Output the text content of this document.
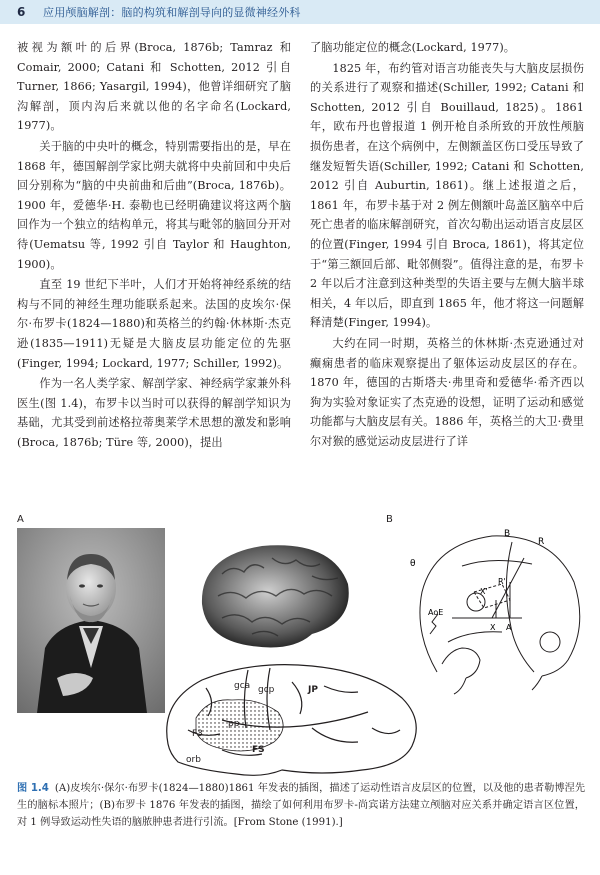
6	应用颅脑解剖：脑的构筑和解剖导向的显微神经外科

被视为额叶的后界(Broca, 1876b; Tamraz 和 Comair, 2000; Catani 和 Schotten, 2012 引自 Turner, 1866; Yasargil, 1994)，他曾详细研究了脑沟解剖，顶内沟后来就以他的名字命名(Lockard, 1977)。

关于脑的中央叶的概念，特别需要指出的是，早在 1868 年，德国解剖学家比朔夫就将中央前回和中央后回分别称为“脑的中央前曲和后曲”(Broca, 1876b)。1900 年，爱德华·H. 泰勒也已经明确建议将这两个脑回作为一个独立的结构单元，将其与毗邻的脑回分开对待(Uematsu 等, 1992 引自 Taylor 和 Haughton, 1900)。

直至 19 世纪下半叶，人们才开始将神经系统的结构与不同的神经生理功能联系起来。法国的皮埃尔·保尔·布罗卡(1824—1880)和英格兰的约翰·休林斯·杰克逊(1835—1911)无疑是大脑皮层功能定位的先驱(Finger, 1994; Lockard, 1977; Schiller, 1992)。

作为一名人类学家、解剖学家、神经病学家兼外科医生(图 1.4)，布罗卡以当时可以获得的解剖学知识为基础，尤其受到前述格拉蒂奥莱学术思想的激发和影响(Broca, 1876b; Türe 等, 2000)，提出

了脑功能定位的概念(Lockard, 1977)。

1825 年，布约管对语言功能丧失与大脑皮层损伤的关系进行了观察和描述(Schiller, 1992; Catani 和 Schotten, 2012 引自 Bouillaud, 1825)。1861 年，欧布丹也曾报道 1 例开枪自杀所致的开放性颅脑损伤患者，在这个病例中，左侧额盖区伤口受压导致了继发短暂失语(Schiller, 1992; Catani 和 Schotten, 2012 引自 Auburtin, 1861)。继上述报道之后，1861 年，布罗卡基于对 2 例左侧额叶岛盖区脑卒中后死亡患者的临床解剖研究，首次勾勒出运动语言皮层区的位置(Finger, 1994 引自 Broca, 1861)，将其定位于“第三额回后部、毗邻侧裂”。值得注意的是，布罗卡 2 年以后才注意到这种类型的失语主要与左侧大脑半球相关，4 年以后，即直到 1865 年，他才将这一问题解释清楚(Finger, 1994)。

大约在同一时期，英格兰的休林斯·杰克逊通过对癫痫患者的临床观察提出了躯体运动皮层区的存在。1870 年，德国的古斯塔夫·弗里奇和爱德华·希齐西以狗为实验对象证实了杰克逊的设想，证明了运动和感觉功能都与大脑皮层有关。1886 年，英格兰的大卫·费里尔对猴的感觉运动皮层进行了详

A	B
B
R
θ
X'
R'
AoE
X A
gca gcp	JP
pp
F3
FS
orb
图 1.4 (A)皮埃尔·保尔·布罗卡(1824—1880)1861 年发表的插图，描述了运动性语言皮层区的位置，以及他的患者勒博涅先生的脑标本照片；(B)布罗卡 1876 年发表的插图，描绘了如何利用布罗卡-尚宾诺方法建立颅脑对应关系并确定语言区位置，对 1 例导致运动性失语的脑脓肿患者进行引流。[From Stone (1991).]
